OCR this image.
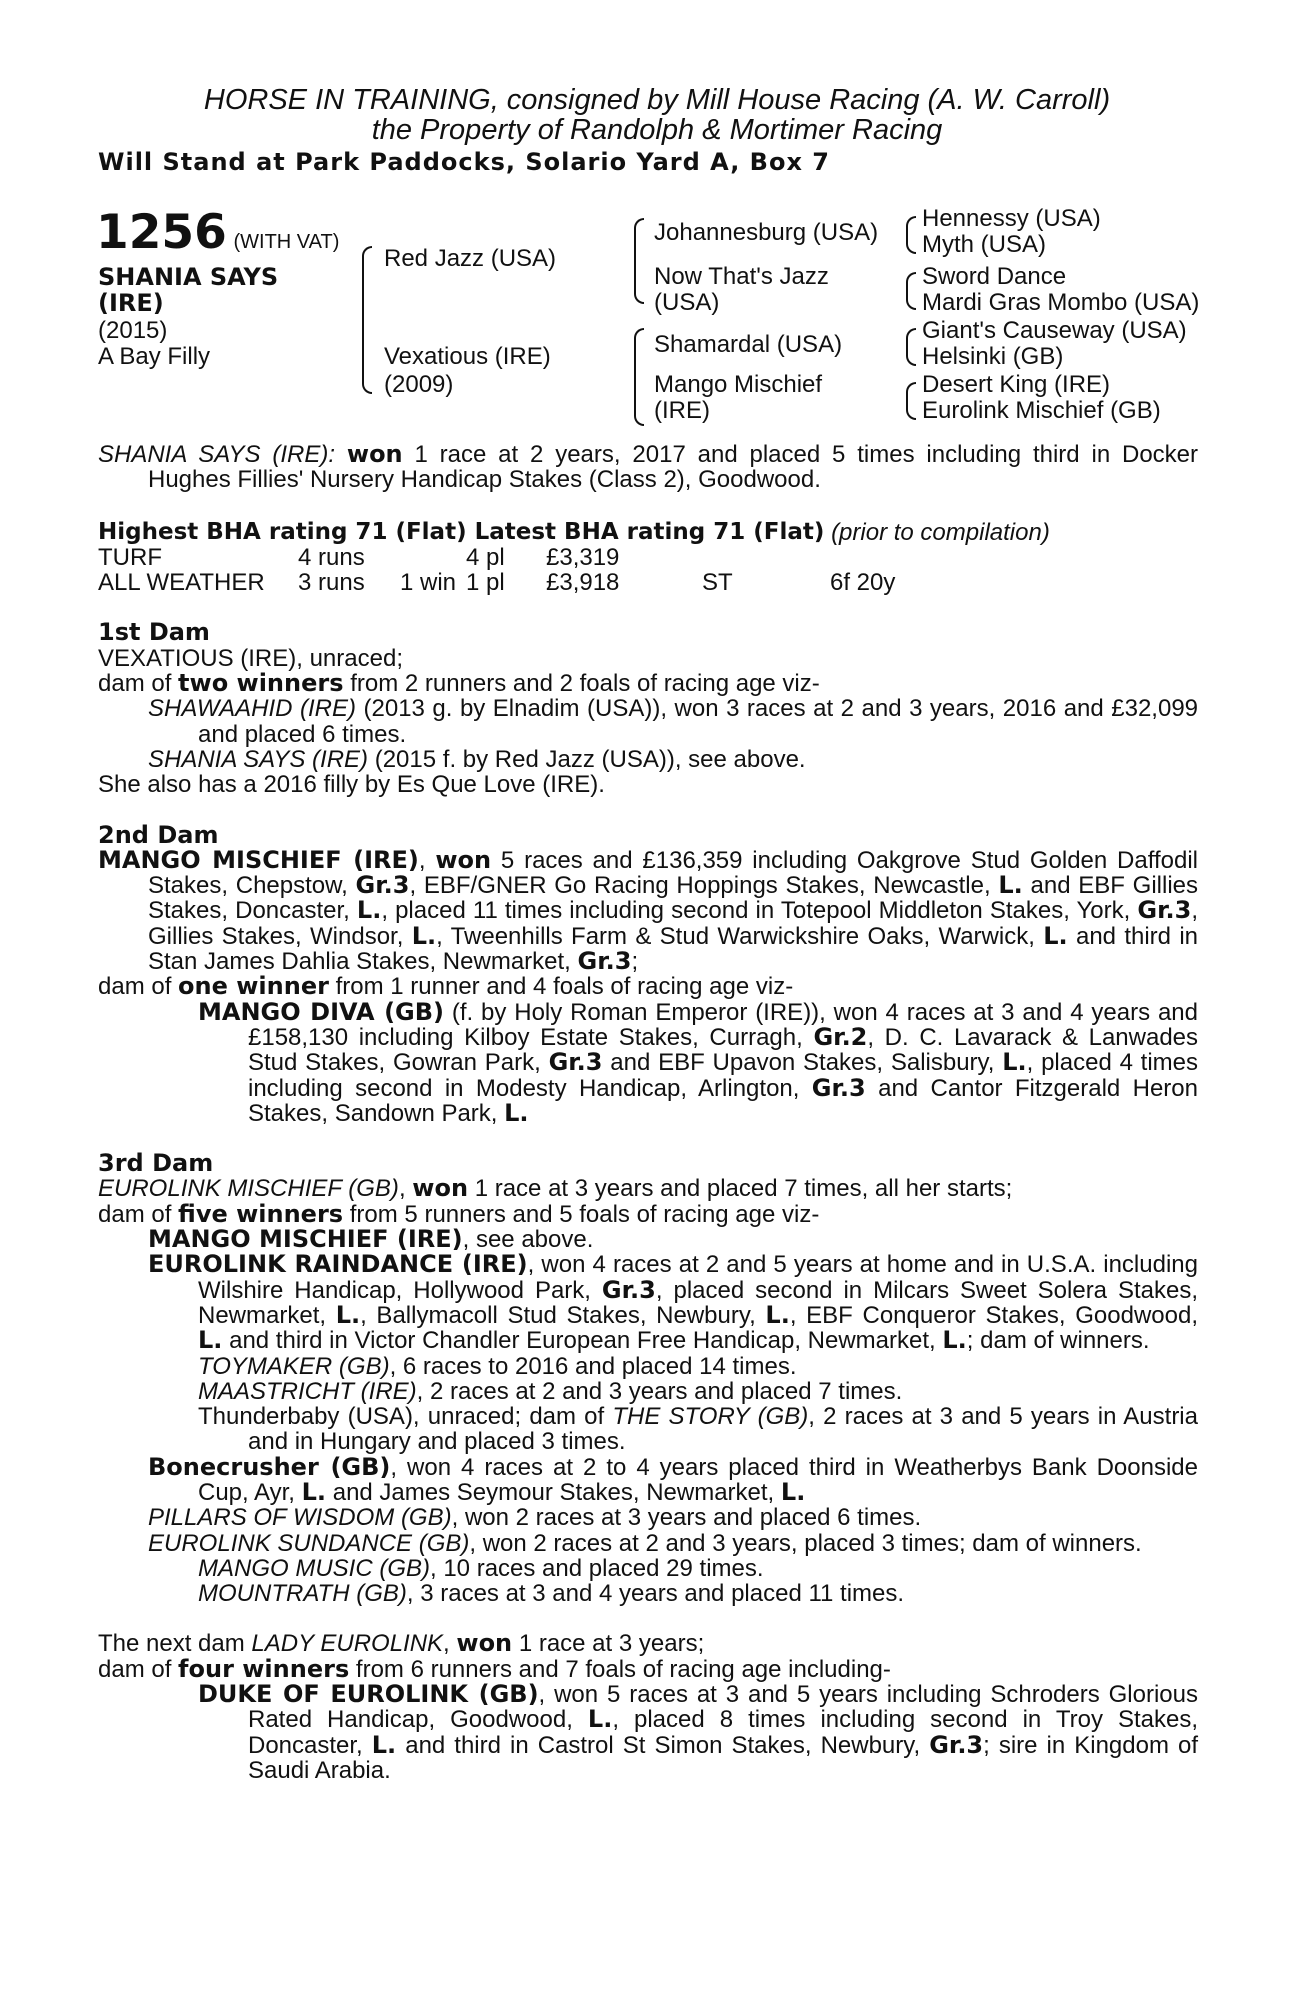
HORSE IN TRAINING, consigned by Mill House Racing (A. W. Carroll)
the Property of Randolph & Mortimer Racing
Will Stand at Park Paddocks, Solario Yard A, Box 7
1256 (WITH VAT)
SHANIA SAYS
(IRE)
(2015)
A Bay Filly
Red Jazz (USA)
Vexatious (IRE)
(2009)
Johannesburg (USA)
Now That's Jazz
(USA)
Shamardal (USA)
Mango Mischief
(IRE)
Hennessy (USA)
Myth (USA)
Sword Dance
Mardi Gras Mombo (USA)
Giant's Causeway (USA)
Helsinki (GB)
Desert King (IRE)
Eurolink Mischief (GB)

SHANIA SAYS (IRE): won 1 race at 2 years, 2017 and placed 5 times including third in Docker Hughes Fillies' Nursery Handicap Stakes (Class 2), Goodwood.

Highest BHA rating 71 (Flat) Latest BHA rating 71 (Flat)
(prior to compilation)
TURF	4 runs	4 pl	£3,319
ALL WEATHER	3 runs	1 win 1 pl	£3,918	ST	6f 20y

1st Dam

VEXATIOUS (IRE), unraced;

dam of two winners from 2 runners and 2 foals of racing age viz-

SHAWAAHID (IRE) (2013 g. by Elnadim (USA)), won 3 races at 2 and 3 years, 2016 and £32,099 and placed 6 times.

SHANIA SAYS (IRE) (2015 f. by Red Jazz (USA)), see above.

She also has a 2016 filly by Es Que Love (IRE).

2nd Dam

MANGO MISCHIEF (IRE), won 5 races and £136,359 including Oakgrove Stud Golden Daffodil Stakes, Chepstow, Gr.3, EBF/GNER Go Racing Hoppings Stakes, Newcastle, L. and EBF Gillies Stakes, Doncaster, L., placed 11 times including second in Totepool Middleton Stakes, York, Gr.3, Gillies Stakes, Windsor, L., Tweenhills Farm & Stud Warwickshire Oaks, Warwick, L. and third in Stan James Dahlia Stakes, Newmarket, Gr.3;

dam of one winner from 1 runner and 4 foals of racing age viz-

MANGO DIVA (GB) (f. by Holy Roman Emperor (IRE)), won 4 races at 3 and 4 years and £158,130 including Kilboy Estate Stakes, Curragh, Gr.2, D. C. Lavarack & Lanwades Stud Stakes, Gowran Park, Gr.3 and EBF Upavon Stakes, Salisbury, L., placed 4 times including second in Modesty Handicap, Arlington, Gr.3 and Cantor Fitzgerald Heron Stakes, Sandown Park, L.

3rd Dam

EUROLINK MISCHIEF (GB), won 1 race at 3 years and placed 7 times, all her starts;

dam of five winners from 5 runners and 5 foals of racing age viz-

MANGO MISCHIEF (IRE), see above.

EUROLINK RAINDANCE (IRE), won 4 races at 2 and 5 years at home and in U.S.A. including Wilshire Handicap, Hollywood Park, Gr.3, placed second in Milcars Sweet Solera Stakes, Newmarket, L., Ballymacoll Stud Stakes, Newbury, L., EBF Conqueror Stakes, Goodwood, L. and third in Victor Chandler European Free Handicap, Newmarket, L.; dam of winners.

TOYMAKER (GB), 6 races to 2016 and placed 14 times.

MAASTRICHT (IRE), 2 races at 2 and 3 years and placed 7 times.

Thunderbaby (USA), unraced; dam of THE STORY (GB), 2 races at 3 and 5 years in Austria and in Hungary and placed 3 times.

Bonecrusher (GB), won 4 races at 2 to 4 years placed third in Weatherbys Bank Doonside Cup, Ayr, L. and James Seymour Stakes, Newmarket, L.

PILLARS OF WISDOM (GB), won 2 races at 3 years and placed 6 times.

EUROLINK SUNDANCE (GB), won 2 races at 2 and 3 years, placed 3 times; dam of winners.

MANGO MUSIC (GB), 10 races and placed 29 times.

MOUNTRATH (GB), 3 races at 3 and 4 years and placed 11 times.

The next dam LADY EUROLINK, won 1 race at 3 years;

dam of four winners from 6 runners and 7 foals of racing age including-

DUKE OF EUROLINK (GB), won 5 races at 3 and 5 years including Schroders Glorious Rated Handicap, Goodwood, L., placed 8 times including second in Troy Stakes, Doncaster, L. and third in Castrol St Simon Stakes, Newbury, Gr.3; sire in Kingdom of Saudi Arabia.
